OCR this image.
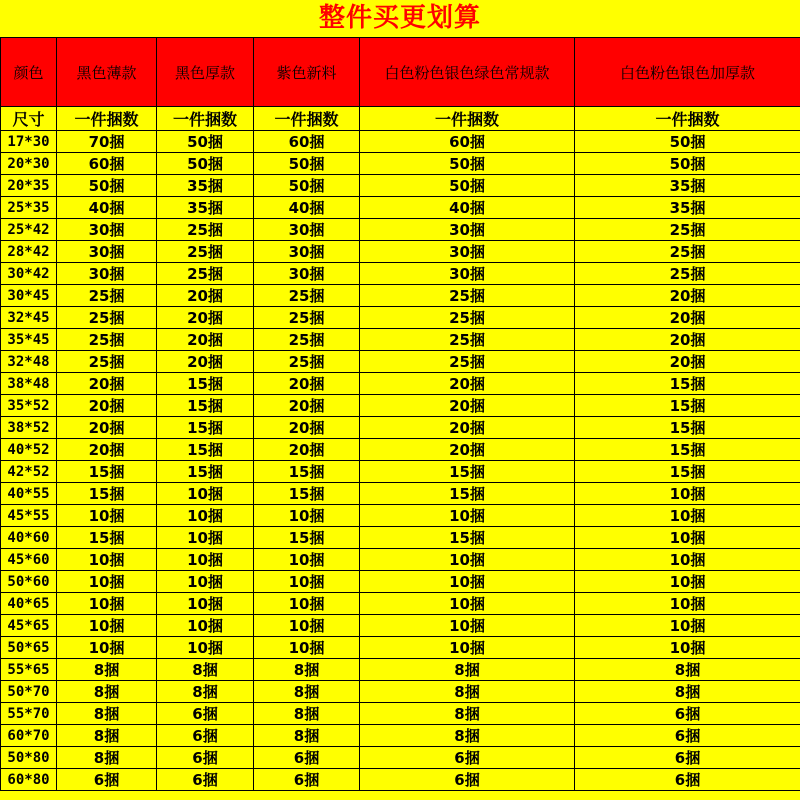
整件买更划算
颜色	黑色薄款	黑色厚款	紫色新料	白色粉色银色绿色常规款	白色粉色银色加厚款
尺寸	一件捆数	一件捆数	一件捆数	一件捆数	一件捆数
17*30	70捆	50捆	60捆	60捆	50捆
20*30	60捆	50捆	50捆	50捆	50捆
20*35	50捆	35捆	50捆	50捆	35捆
25*35	40捆	35捆	40捆	40捆	35捆
25*42	30捆	25捆	30捆	30捆	25捆
28*42	30捆	25捆	30捆	30捆	25捆
30*42	30捆	25捆	30捆	30捆	25捆
30*45	25捆	20捆	25捆	25捆	20捆
32*45	25捆	20捆	25捆	25捆	20捆
35*45	25捆	20捆	25捆	25捆	20捆
32*48	25捆	20捆	25捆	25捆	20捆
38*48	20捆	15捆	20捆	20捆	15捆
35*52	20捆	15捆	20捆	20捆	15捆
38*52	20捆	15捆	20捆	20捆	15捆
40*52	20捆	15捆	20捆	20捆	15捆
42*52	15捆	15捆	15捆	15捆	15捆
40*55	15捆	10捆	15捆	15捆	10捆
45*55	10捆	10捆	10捆	10捆	10捆
40*60	15捆	10捆	15捆	15捆	10捆
45*60	10捆	10捆	10捆	10捆	10捆
50*60	10捆	10捆	10捆	10捆	10捆
40*65	10捆	10捆	10捆	10捆	10捆
45*65	10捆	10捆	10捆	10捆	10捆
50*65	10捆	10捆	10捆	10捆	10捆
55*65	8捆	8捆	8捆	8捆	8捆
50*70	8捆	8捆	8捆	8捆	8捆
55*70	8捆	6捆	8捆	8捆	6捆
60*70	8捆	6捆	8捆	8捆	6捆
50*80	8捆	6捆	6捆	6捆	6捆
60*80	6捆	6捆	6捆	6捆	6捆
